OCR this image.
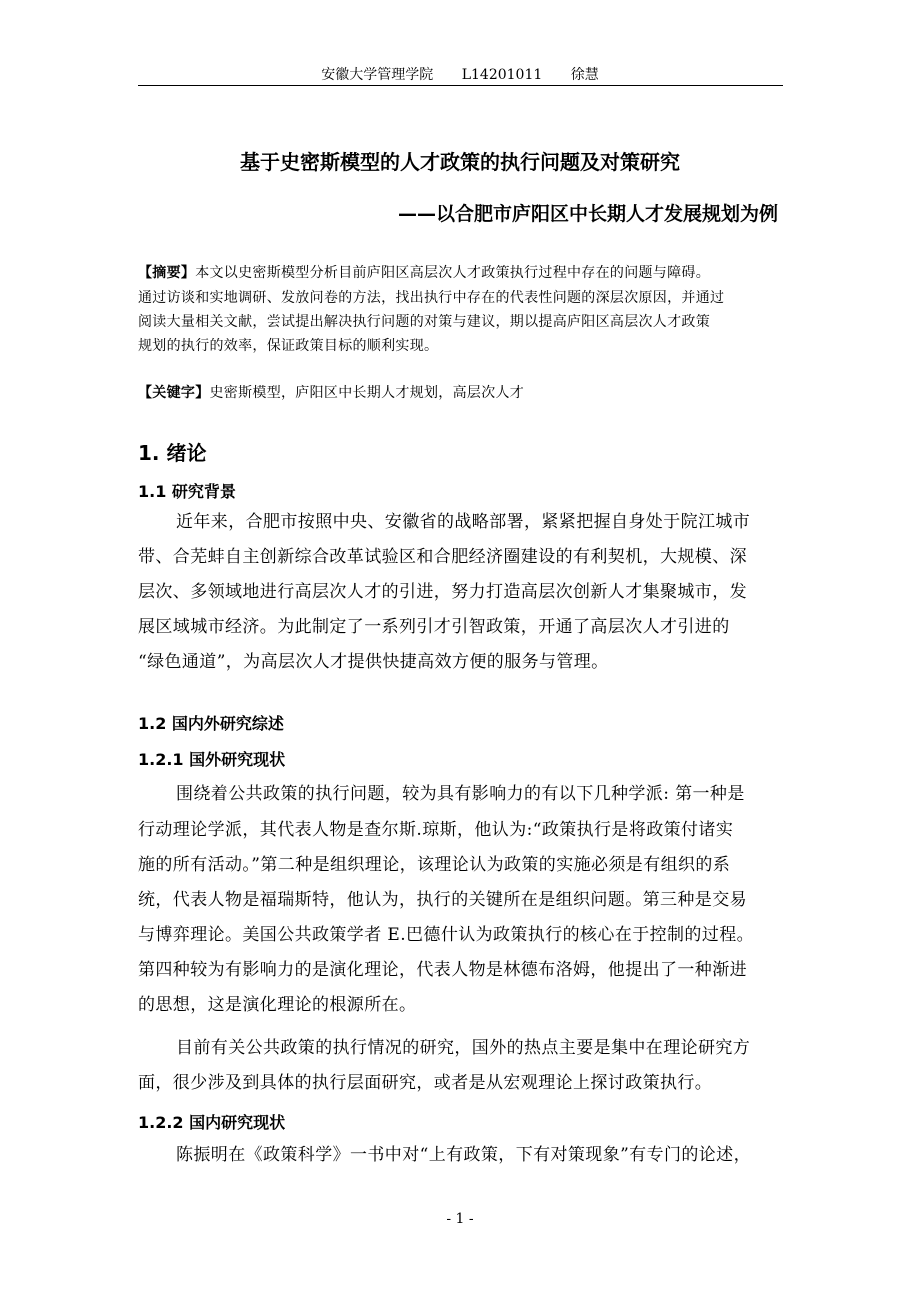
安徽大学管理学院 L14201011 徐慧
基于史密斯模型的人才政策的执行问题及对策研究
——以合肥市庐阳区中长期人才发展规划为例
【摘要】本文以史密斯模型分析目前庐阳区高层次人才政策执行过程中存在的问题与障碍。
通过访谈和实地调研、发放问卷的方法，找出执行中存在的代表性问题的深层次原因，并通过
阅读大量相关文献，尝试提出解决执行问题的对策与建议，期以提高庐阳区高层次人才政策
规划的执行的效率，保证政策目标的顺利实现。
【关键字】史密斯模型，庐阳区中长期人才规划，高层次人才
1. 绪论
1.1 研究背景
近年来，合肥市按照中央、安徽省的战略部署，紧紧把握自身处于院江城市
带、合芜蚌自主创新综合改革试验区和合肥经济圈建设的有利契机，大规模、深
层次、多领域地进行高层次人才的引进，努力打造高层次创新人才集聚城市，发
展区域城市经济。为此制定了一系列引才引智政策，开通了高层次人才引进的
“绿色通道”，为高层次人才提供快捷高效方便的服务与管理。
1.2 国内外研究综述
1.2.1 国外研究现状
围绕着公共政策的执行问题，较为具有影响力的有以下几种学派: 第一种是
行动理论学派，其代表人物是查尔斯.琼斯，他认为:“政策执行是将政策付诸实
施的所有活动。”第二种是组织理论，该理论认为政策的实施必须是有组织的系
统，代表人物是福瑞斯特，他认为，执行的关键所在是组织问题。第三种是交易
与博弈理论。美国公共政策学者 E.巴德什认为政策执行的核心在于控制的过程。
第四种较为有影响力的是演化理论，代表人物是林德布洛姆，他提出了一种渐进
的思想，这是演化理论的根源所在。
目前有关公共政策的执行情况的研究，国外的热点主要是集中在理论研究方
面，很少涉及到具体的执行层面研究，或者是从宏观理论上探讨政策执行。
1.2.2 国内研究现状
陈振明在《政策科学》一书中对“上有政策，下有对策现象”有专门的论述，
- 1 -
